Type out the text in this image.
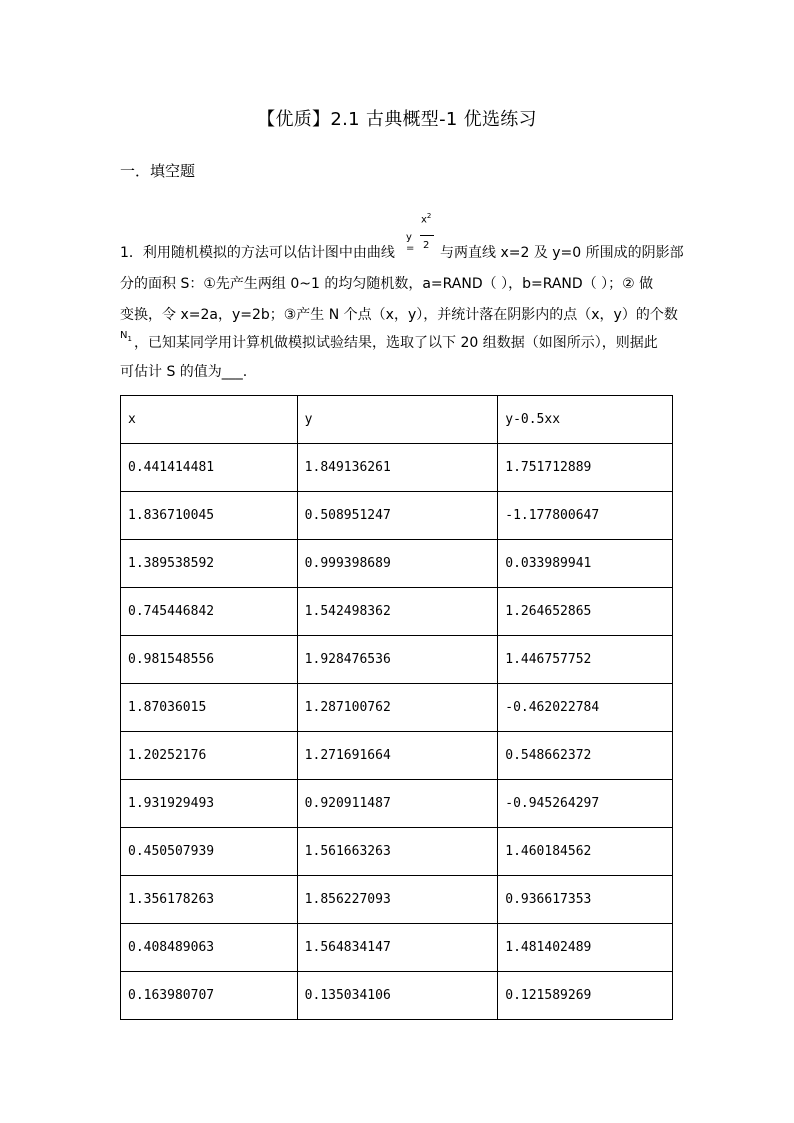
【优质】2.1 古典概型-1 优选练习
一．填空题
1．利用随机模拟的方法可以估计图中由曲线
y =
$x^2$
2 与两直线 x=2 及 y=0 所围成的阴影部
分的面积 S：①先产生两组 0~1 的均匀随机数，a=RAND（ ），b=RAND（ ）；② 做
变换，令 x=2a，y=2b；③产生 N 个点（x，y），并统计落在阴影内的点（x，y）的个数
$N_1$ ，已知某同学用计算机做模拟试验结果，选取了以下 20 组数据（如图所示），则据此
可估计 S 的值为___.
x	y	y-0.5xx
0.441414481	1.849136261	1.751712889
1.836710045	0.508951247	-1.177800647
1.389538592	0.999398689	0.033989941
0.745446842	1.542498362	1.264652865
0.981548556	1.928476536	1.446757752
1.87036015	1.287100762	-0.462022784
1.20252176	1.271691664	0.548662372
1.931929493	0.920911487	-0.945264297
0.450507939	1.561663263	1.460184562
1.356178263	1.856227093	0.936617353
0.408489063	1.564834147	1.481402489
0.163980707	0.135034106	0.121589269
